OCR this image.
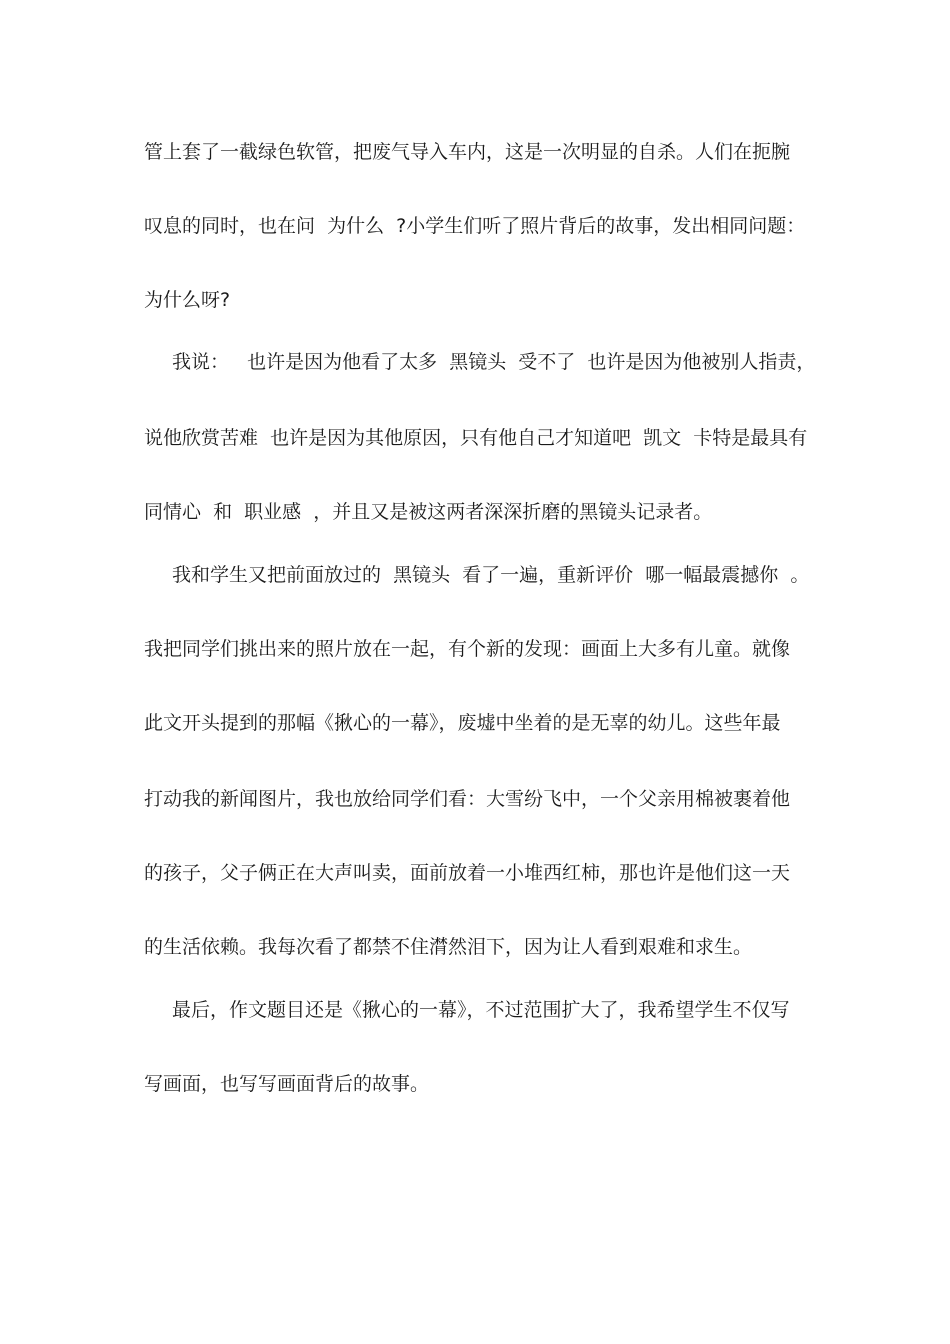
管上套了一截绿色软管，把废气导入车内，这是一次明显的自杀。人们在扼腕
叹息的同时，也在问  为什么  ?小学生们听了照片背后的故事，发出相同问题：
为什么呀?
我说：   也许是因为他看了太多  黑镜头  受不了  也许是因为他被别人指责，
说他欣赏苦难  也许是因为其他原因，只有他自己才知道吧  凯文  卡特是最具有
同情心  和  职业感  ，并且又是被这两者深深折磨的黑镜头记录者。
我和学生又把前面放过的  黑镜头  看了一遍，重新评价  哪一幅最震撼你  。
我把同学们挑出来的照片放在一起，有个新的发现：画面上大多有儿童。就像
此文开头提到的那幅《揪心的一幕》，废墟中坐着的是无辜的幼儿。这些年最
打动我的新闻图片，我也放给同学们看：大雪纷飞中，一个父亲用棉被裹着他
的孩子，父子俩正在大声叫卖，面前放着一小堆西红柿，那也许是他们这一天
的生活依赖。我每次看了都禁不住潸然泪下，因为让人看到艰难和求生。
最后，作文题目还是《揪心的一幕》，不过范围扩大了，我希望学生不仅写
写画面，也写写画面背后的故事。
